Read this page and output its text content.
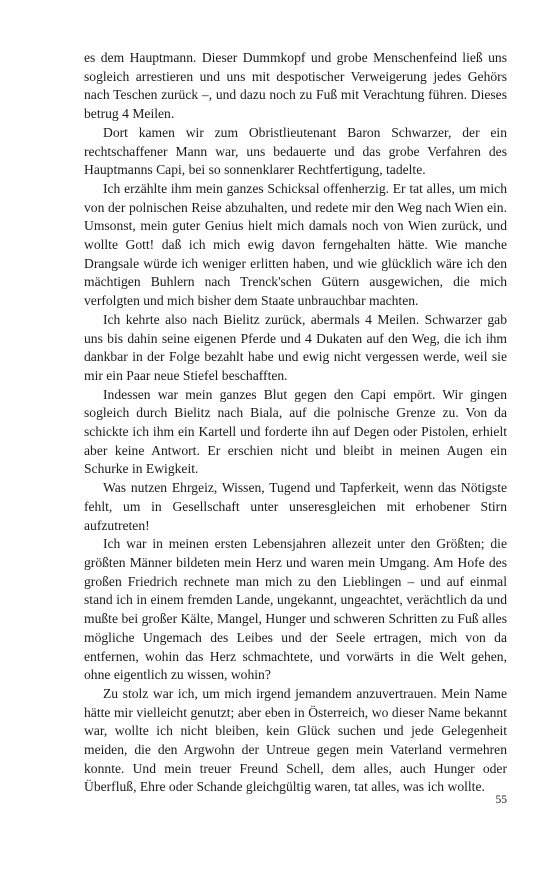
es dem Hauptmann. Dieser Dummkopf und grobe Menschenfeind ließ uns sogleich arrestieren und uns mit despotischer Verweigerung jedes Gehörs nach Teschen zurück –, und dazu noch zu Fuß mit Verachtung führen. Dieses betrug 4 Meilen.

Dort kamen wir zum Obristlieutenant Baron Schwarzer, der ein rechtschaffener Mann war, uns bedauerte und das grobe Verfahren des Hauptmanns Capi, bei so sonnenklarer Rechtfertigung, tadelte.

Ich erzählte ihm mein ganzes Schicksal offenherzig. Er tat alles, um mich von der polnischen Reise abzuhalten, und redete mir den Weg nach Wien ein. Umsonst, mein guter Genius hielt mich damals noch von Wien zurück, und wollte Gott! daß ich mich ewig davon ferngehalten hätte. Wie manche Drangsale würde ich weniger erlitten haben, und wie glücklich wäre ich den mächtigen Buhlern nach Trenck'schen Gütern ausgewichen, die mich verfolgten und mich bisher dem Staate unbrauchbar machten.

Ich kehrte also nach Bielitz zurück, abermals 4 Meilen. Schwarzer gab uns bis dahin seine eigenen Pferde und 4 Dukaten auf den Weg, die ich ihm dankbar in der Folge bezahlt habe und ewig nicht vergessen werde, weil sie mir ein Paar neue Stiefel beschafften.

Indessen war mein ganzes Blut gegen den Capi empört. Wir gingen sogleich durch Bielitz nach Biala, auf die polnische Grenze zu. Von da schickte ich ihm ein Kartell und forderte ihn auf Degen oder Pistolen, erhielt aber keine Antwort. Er erschien nicht und bleibt in meinen Augen ein Schurke in Ewigkeit.

Was nutzen Ehrgeiz, Wissen, Tugend und Tapferkeit, wenn das Nötigste fehlt, um in Gesellschaft unter unseresgleichen mit erhobener Stirn aufzutreten!

Ich war in meinen ersten Lebensjahren allezeit unter den Größten; die größten Männer bildeten mein Herz und waren mein Umgang. Am Hofe des großen Friedrich rechnete man mich zu den Lieblingen – und auf einmal stand ich in einem fremden Lande, ungekannt, ungeachtet, verächtlich da und mußte bei großer Kälte, Mangel, Hunger und schweren Schritten zu Fuß alles mögliche Ungemach des Leibes und der Seele ertragen, mich von da entfernen, wohin das Herz schmachtete, und vorwärts in die Welt gehen, ohne eigentlich zu wissen, wohin?

Zu stolz war ich, um mich irgend jemandem anzuvertrauen. Mein Name hätte mir vielleicht genutzt; aber eben in Österreich, wo dieser Name bekannt war, wollte ich nicht bleiben, kein Glück suchen und jede Gelegenheit meiden, die den Argwohn der Untreue gegen mein Vaterland vermehren konnte. Und mein treuer Freund Schell, dem alles, auch Hunger oder Überfluß, Ehre oder Schande gleichgültig waren, tat alles, was ich wollte.

55
